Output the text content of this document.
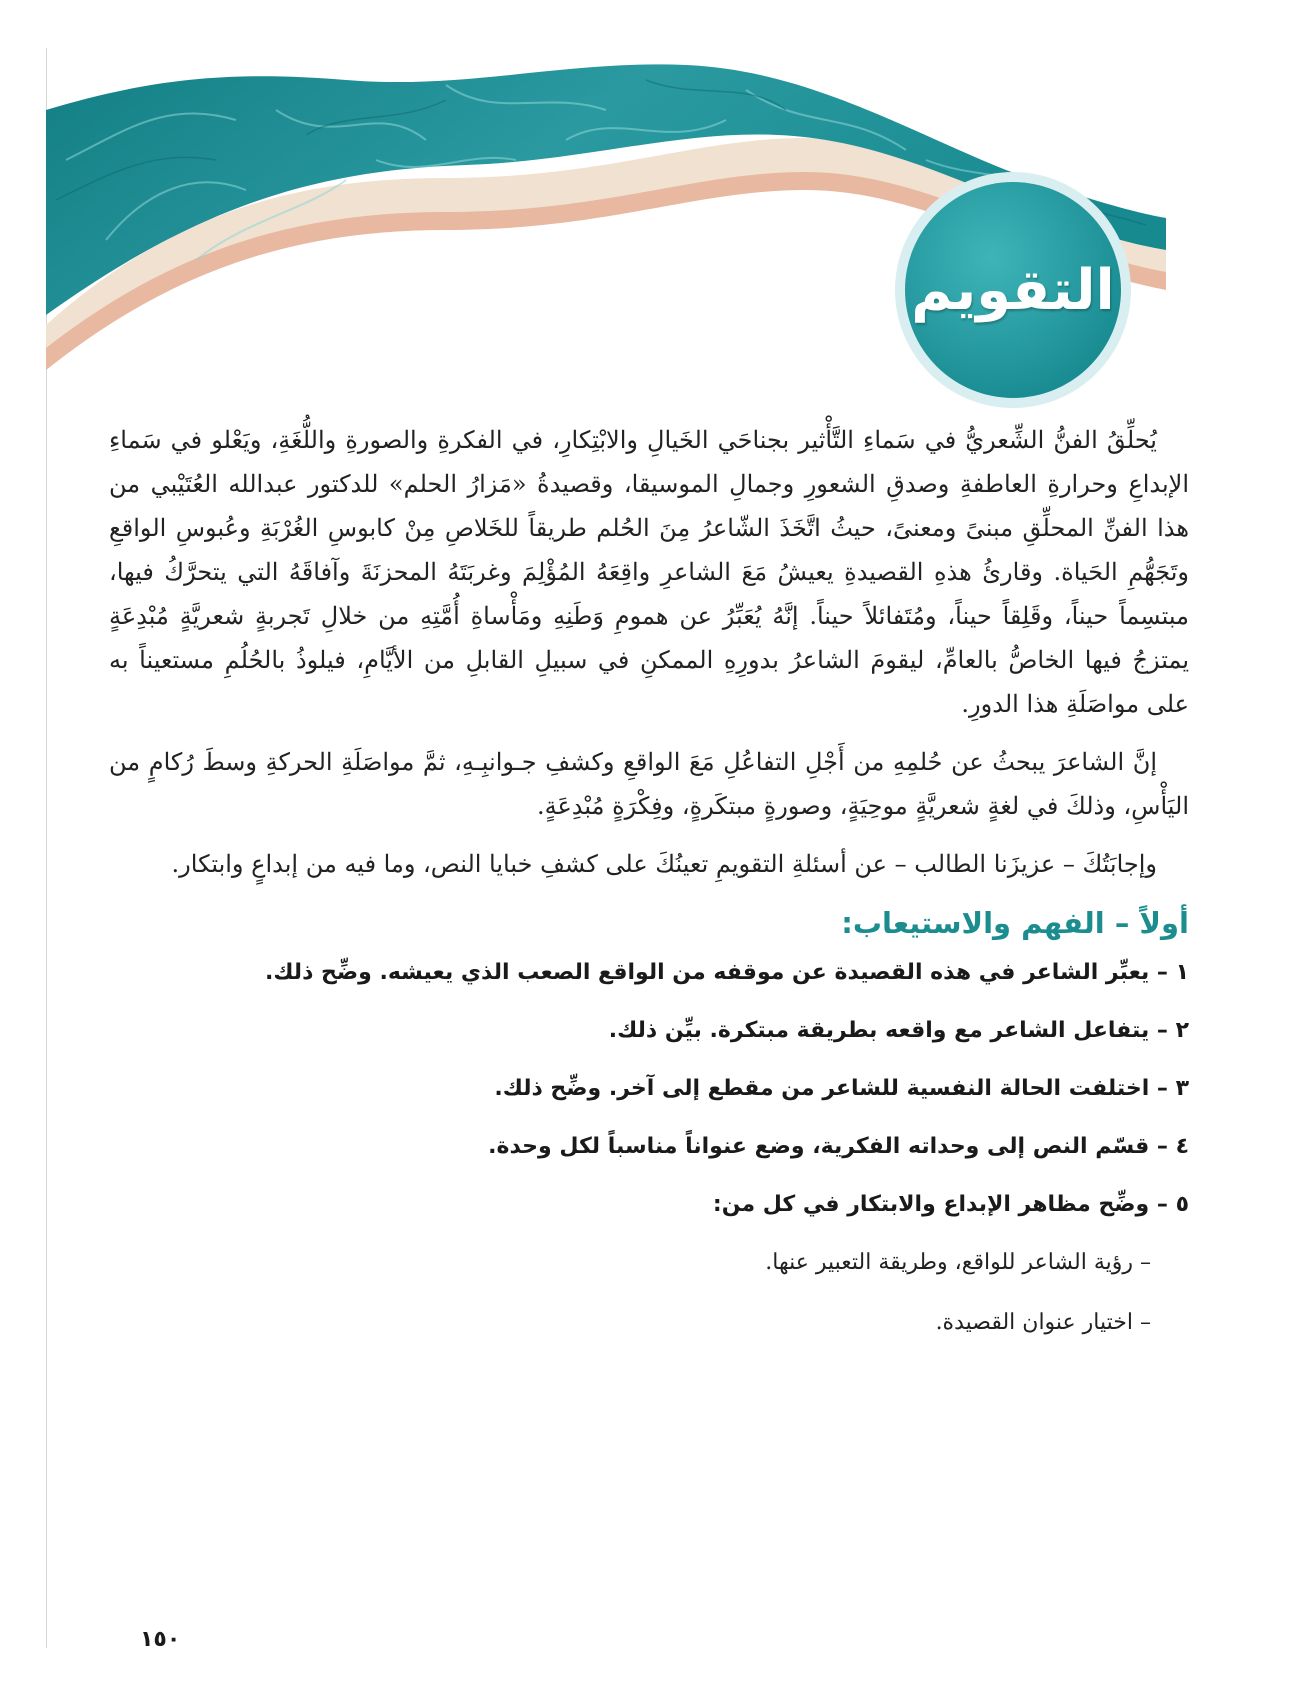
التقويم

يُحلِّقُ الفنُّ الشِّعريُّ في سَماءِ التَّأْثير بجناحَي الخَيالِ والابْتِكارِ، في الفكرةِ والصورةِ واللُّغَةِ، ويَعْلو في سَماءِ الإبداعِ وحرارةِ العاطفةِ وصدقِ الشعورِ وجمالِ الموسيقا، وقصيدةُ «مَزارُ الحلم» للدكتور عبدالله العُتَيْبي من هذا الفنِّ المحلِّقِ مبنىً ومعنىً، حيثُ اتَّخَذَ الشّاعرُ مِنَ الحُلم طريقاً للخَلاصِ مِنْ كابوسِ الغُرْبَةِ وعُبوسِ الواقعِ وتَجَهُّمِ الحَياة. وقارئُ هذهِ القصيدةِ يعيشُ مَعَ الشاعرِ واقِعَهُ المُؤْلِمَ وغربَتَهُ المحزنَةَ وآفاقَهُ التي يتحرَّكُ فيها، مبتسِماً حيناً، وقَلِقاً حيناً، ومُتَفائلاً حيناً. إنَّهُ يُعَبِّرُ عن همومِ وَطَنِهِ ومَأْساةِ أُمَّتِهِ من خلالِ تَجربةٍ شعريَّةٍ مُبْدِعَةٍ يمتزجُ فيها الخاصُّ بالعامِّ، ليقومَ الشاعرُ بدورِهِ الممكنِ في سبيلِ القابلِ من الأيَّامِ، فيلوذُ بالحُلُمِ مستعيناً به على مواصَلَةِ هذا الدورِ.

إنَّ الشاعرَ يبحثُ عن حُلمِهِ من أَجْلِ التفاعُلِ مَعَ الواقعِ وكشفِ جـوانبِـهِ، ثمَّ مواصَلَةِ الحركةِ وسطَ رُكامٍ من اليَأْسِ، وذلكَ في لغةٍ شعريَّةٍ موحِيَةٍ، وصورةٍ مبتكَرةٍ، وفِكْرَةٍ مُبْدِعَةٍ.

وإجابَتُكَ – عزيزَنا الطالب – عن أسئلةِ التقويمِ تعينُكَ على كشفِ خبايا النص، وما فيه من إبداعٍ وابتكار.

أولاً – الفهم والاستيعاب:
١ – يعبِّر الشاعر في هذه القصيدة عن موقفه من الواقع الصعب الذي يعيشه. وضِّح ذلك.
٢ – يتفاعل الشاعر مع واقعه بطريقة مبتكرة. بيِّن ذلك.
٣ – اختلفت الحالة النفسية للشاعر من مقطع إلى آخر. وضِّح ذلك.
٤ – قسّم النص إلى وحداته الفكرية، وضع عنواناً مناسباً لكل وحدة.
٥ – وضِّح مظاهر الإبداع والابتكار في كل من:
– رؤية الشاعر للواقع، وطريقة التعبير عنها.
– اختيار عنوان القصيدة.
١٥٠
